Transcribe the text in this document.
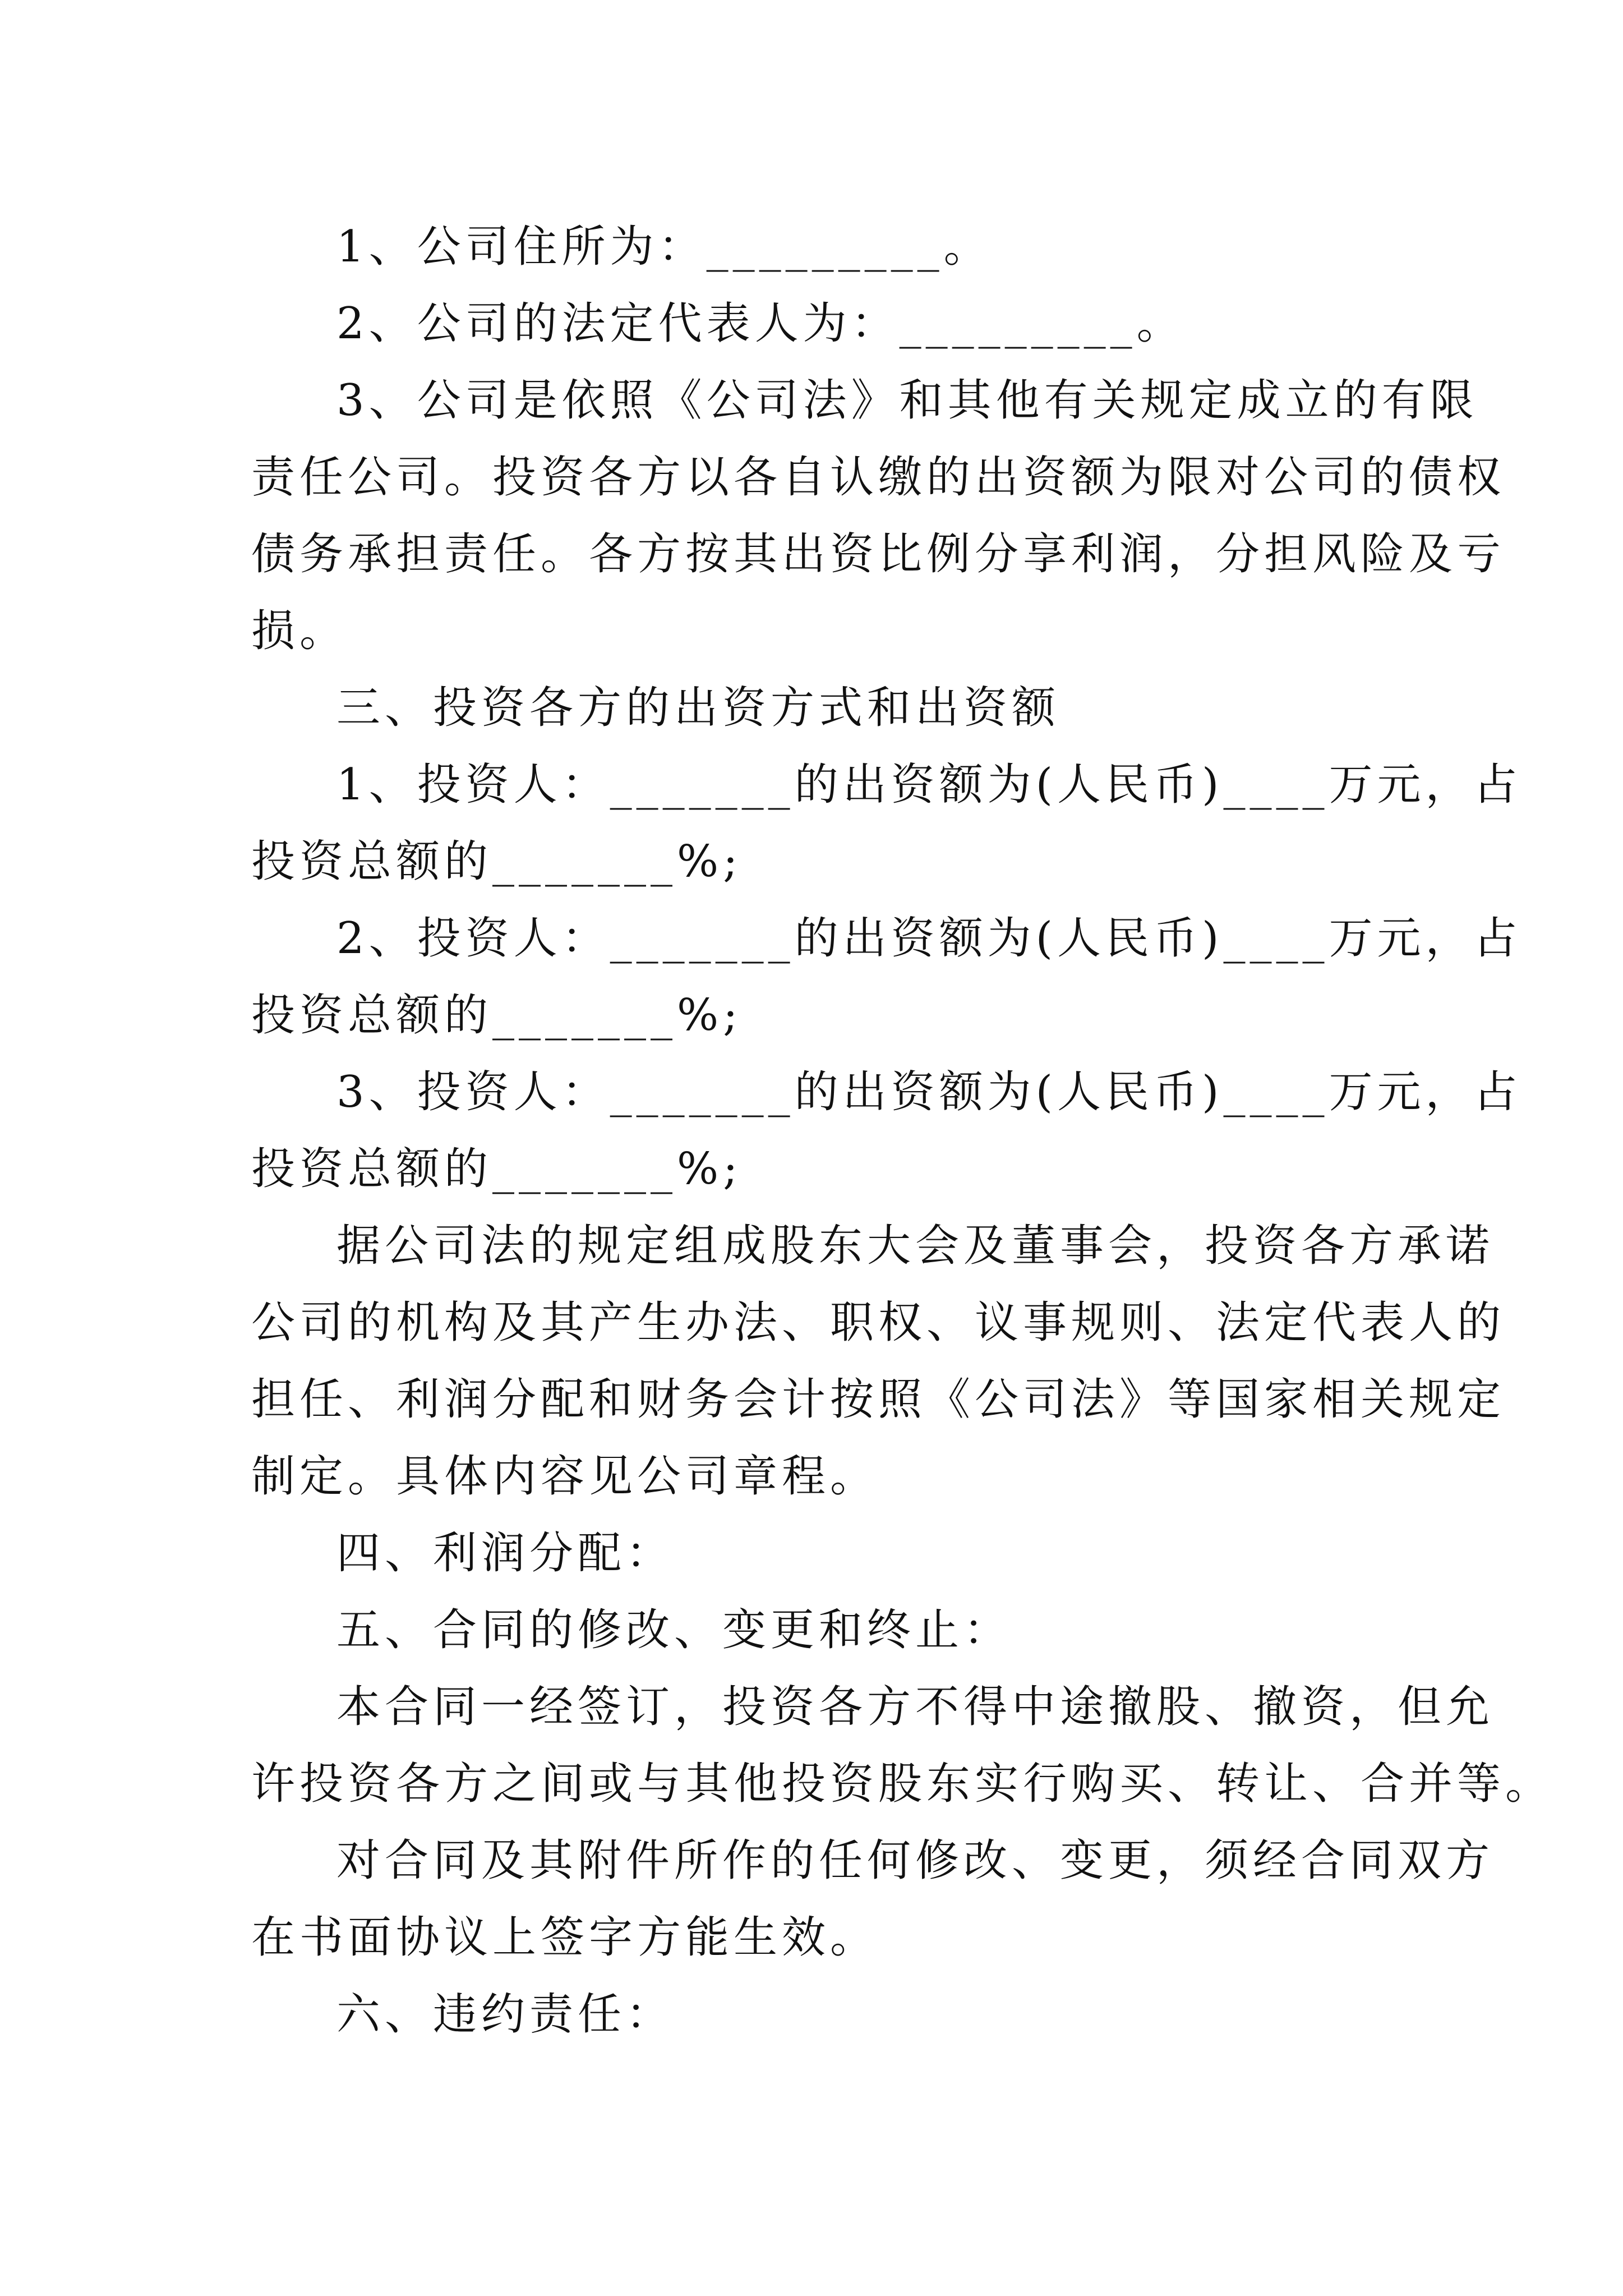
1、公司住所为：_________。
2、公司的法定代表人为：_________。
3、公司是依照《公司法》和其他有关规定成立的有限
责任公司。投资各方以各自认缴的出资额为限对公司的债权
债务承担责任。各方按其出资比例分享利润，分担风险及亏
损。
三、投资各方的出资方式和出资额
1、投资人：_______的出资额为(人民币)____万元，占
投资总额的_______%;
2、投资人：_______的出资额为(人民币)____万元，占
投资总额的_______%;
3、投资人：_______的出资额为(人民币)____万元，占
投资总额的_______%;
据公司法的规定组成股东大会及董事会，投资各方承诺
公司的机构及其产生办法、职权、议事规则、法定代表人的
担任、利润分配和财务会计按照《公司法》等国家相关规定
制定。具体内容见公司章程。
四、利润分配：
五、合同的修改、变更和终止：
本合同一经签订，投资各方不得中途撤股、撤资，但允
许投资各方之间或与其他投资股东实行购买、转让、合并等。
对合同及其附件所作的任何修改、变更，须经合同双方
在书面协议上签字方能生效。
六、违约责任：
